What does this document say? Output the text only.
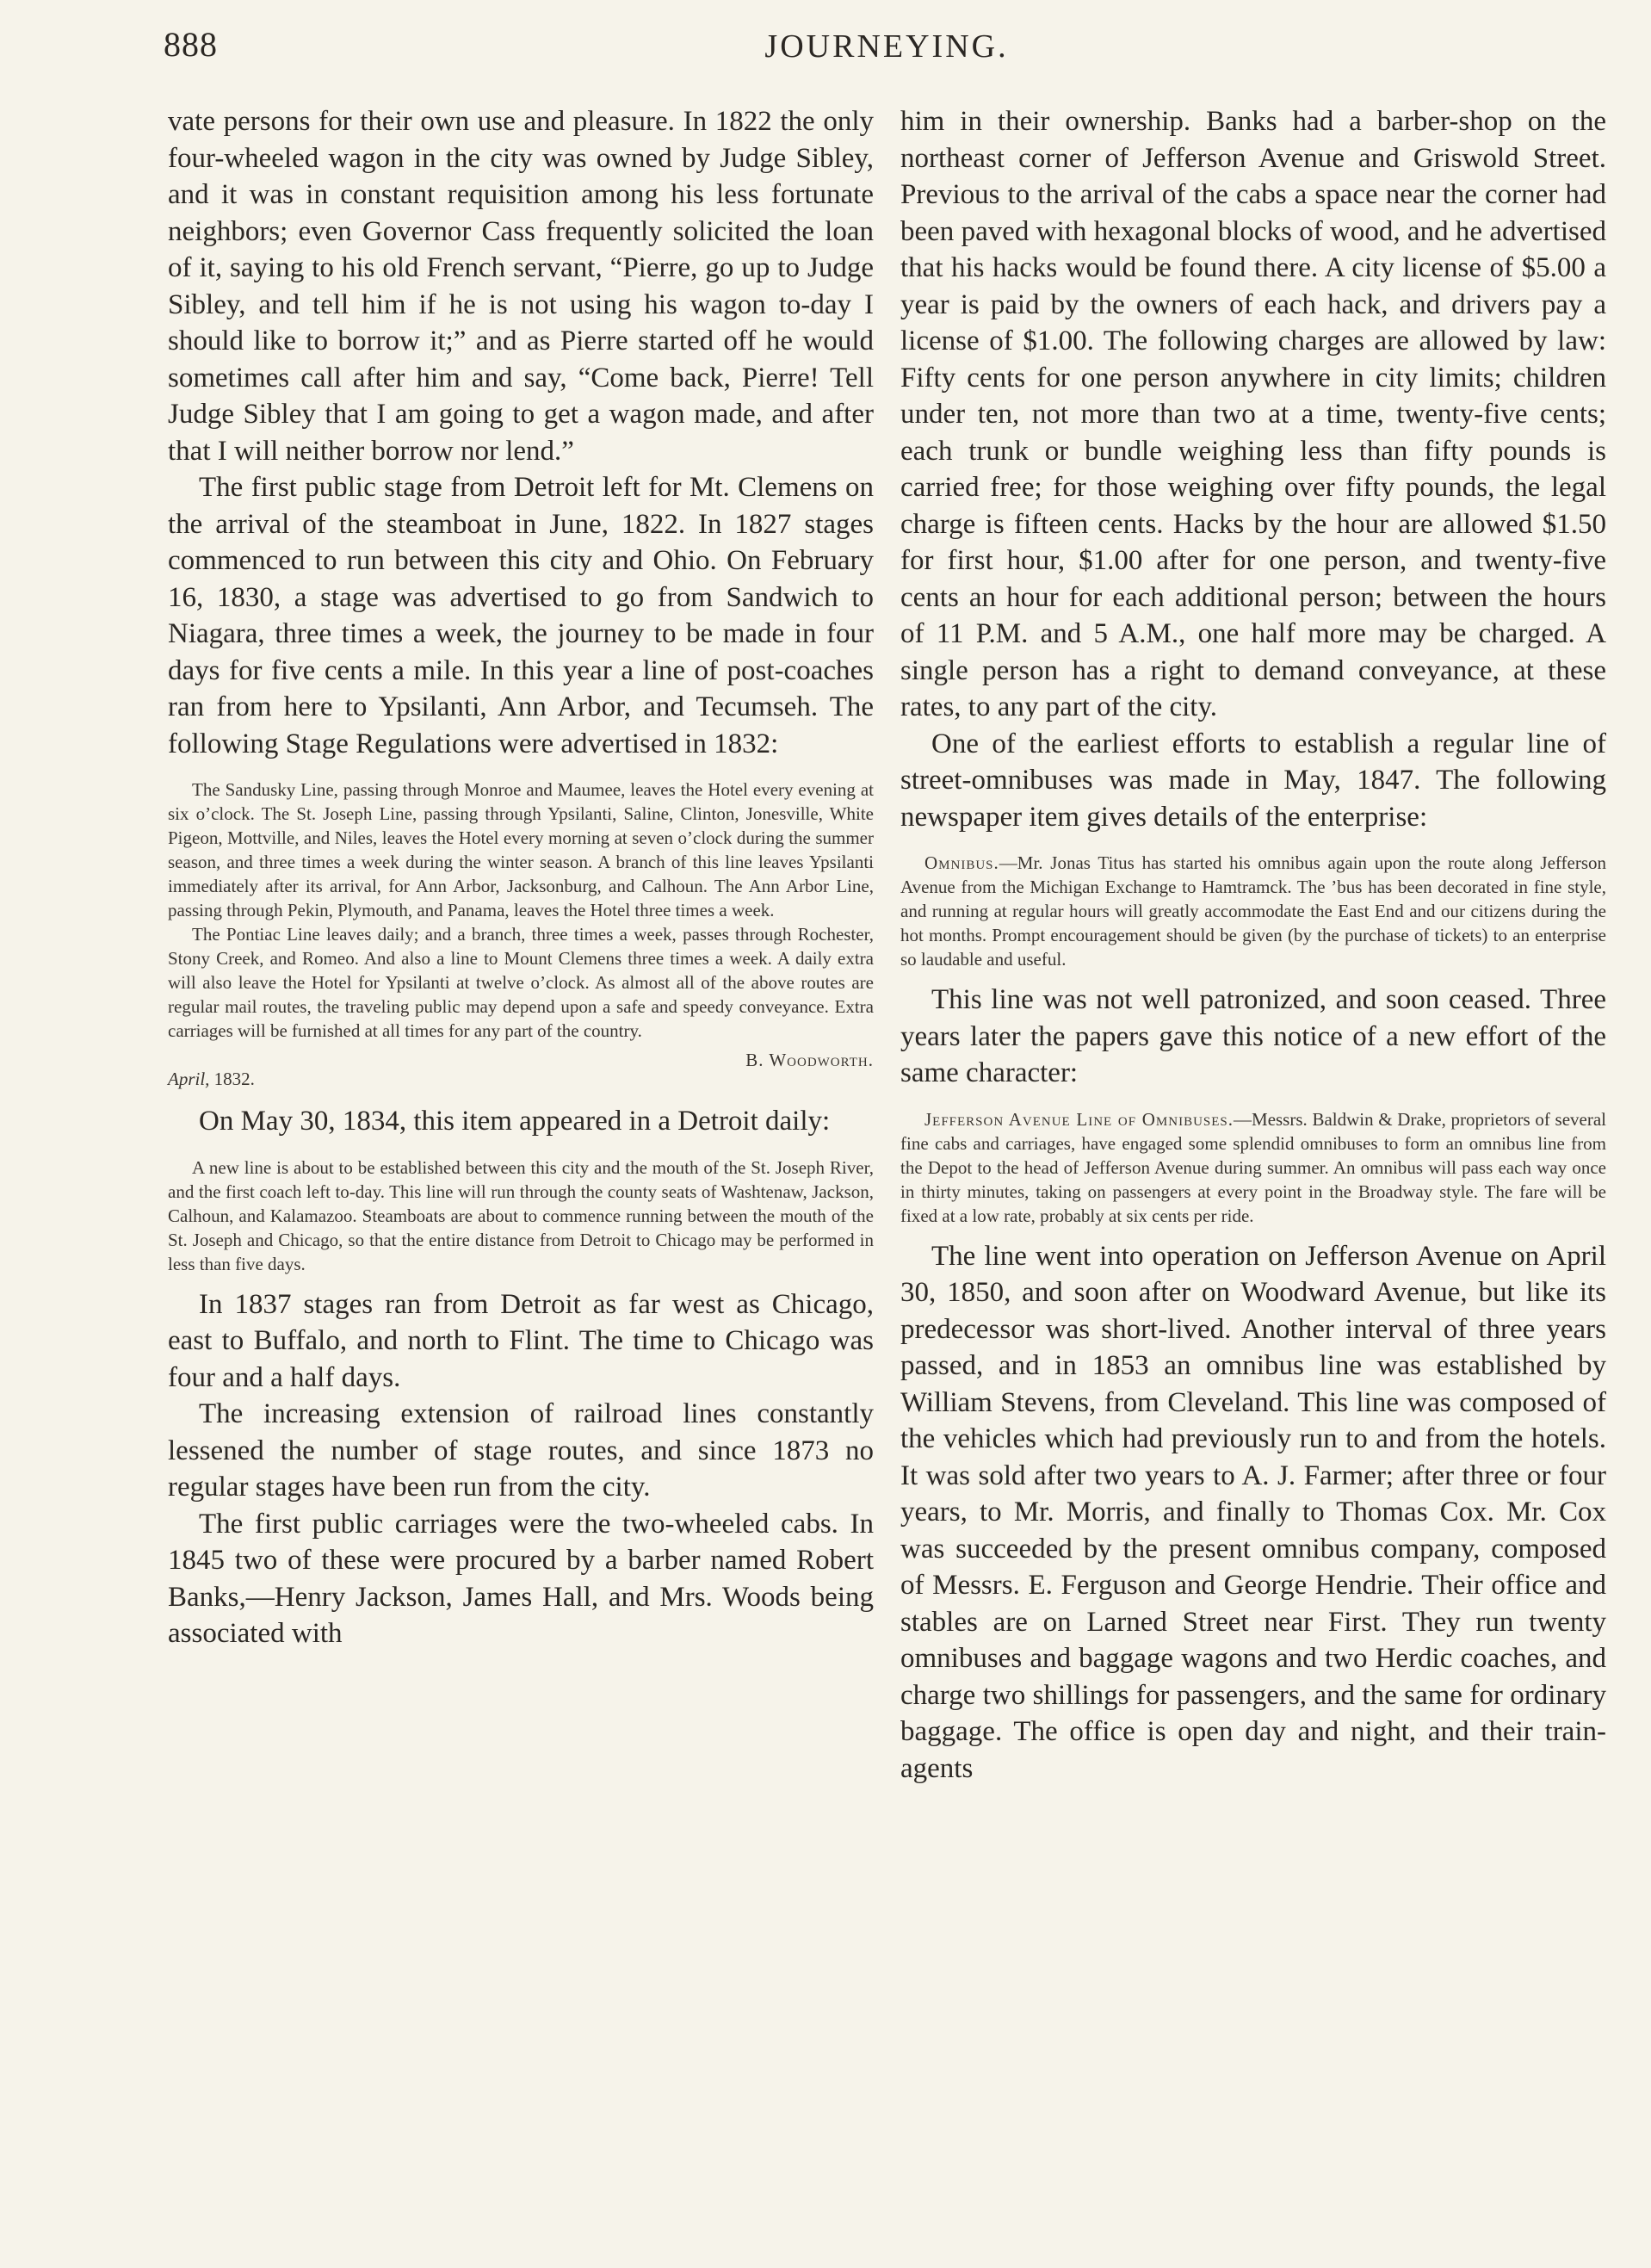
888	JOURNEYING.

vate persons for their own use and pleasure. In 1822 the only four-wheeled wagon in the city was owned by Judge Sibley, and it was in constant requisition among his less fortunate neighbors; even Governor Cass frequently solicited the loan of it, saying to his old French servant, “Pierre, go up to Judge Sibley, and tell him if he is not using his wagon to-day I should like to borrow it;” and as Pierre started off he would sometimes call after him and say, “Come back, Pierre! Tell Judge Sibley that I am going to get a wagon made, and after that I will neither borrow nor lend.”

The first public stage from Detroit left for Mt. Clemens on the arrival of the steamboat in June, 1822. In 1827 stages commenced to run between this city and Ohio. On February 16, 1830, a stage was advertised to go from Sandwich to Niagara, three times a week, the journey to be made in four days for five cents a mile. In this year a line of post-coaches ran from here to Ypsilanti, Ann Arbor, and Tecumseh. The following Stage Regulations were advertised in 1832:

The Sandusky Line, passing through Monroe and Maumee, leaves the Hotel every evening at six o’clock. The St. Joseph Line, passing through Ypsilanti, Saline, Clinton, Jonesville, White Pigeon, Mottville, and Niles, leaves the Hotel every morning at seven o’clock during the summer season, and three times a week during the winter season. A branch of this line leaves Ypsilanti immediately after its arrival, for Ann Arbor, Jacksonburg, and Calhoun. The Ann Arbor Line, passing through Pekin, Plymouth, and Panama, leaves the Hotel three times a week.

The Pontiac Line leaves daily; and a branch, three times a week, passes through Rochester, Stony Creek, and Romeo. And also a line to Mount Clemens three times a week. A daily extra will also leave the Hotel for Ypsilanti at twelve o’clock. As almost all of the above routes are regular mail routes, the traveling public may depend upon a safe and speedy conveyance. Extra carriages will be furnished at all times for any part of the country.

B. Woodworth.
April, 1832.

On May 30, 1834, this item appeared in a Detroit daily:

A new line is about to be established between this city and the mouth of the St. Joseph River, and the first coach left to-day. This line will run through the county seats of Washtenaw, Jackson, Calhoun, and Kalamazoo. Steamboats are about to commence running between the mouth of the St. Joseph and Chicago, so that the entire distance from Detroit to Chicago may be performed in less than five days.

In 1837 stages ran from Detroit as far west as Chicago, east to Buffalo, and north to Flint. The time to Chicago was four and a half days.

The increasing extension of railroad lines constantly lessened the number of stage routes, and since 1873 no regular stages have been run from the city.

The first public carriages were the two-wheeled cabs. In 1845 two of these were procured by a barber named Robert Banks,—Henry Jackson, James Hall, and Mrs. Woods being associated with

him in their ownership. Banks had a barber-shop on the northeast corner of Jefferson Avenue and Griswold Street. Previous to the arrival of the cabs a space near the corner had been paved with hexagonal blocks of wood, and he advertised that his hacks would be found there. A city license of $5.00 a year is paid by the owners of each hack, and drivers pay a license of $1.00. The following charges are allowed by law: Fifty cents for one person anywhere in city limits; children under ten, not more than two at a time, twenty-five cents; each trunk or bundle weighing less than fifty pounds is carried free; for those weighing over fifty pounds, the legal charge is fifteen cents. Hacks by the hour are allowed $1.50 for first hour, $1.00 after for one person, and twenty-five cents an hour for each additional person; between the hours of 11 P.M. and 5 A.M., one half more may be charged. A single person has a right to demand conveyance, at these rates, to any part of the city.

One of the earliest efforts to establish a regular line of street-omnibuses was made in May, 1847. The following newspaper item gives details of the enterprise:

Omnibus.—Mr. Jonas Titus has started his omnibus again upon the route along Jefferson Avenue from the Michigan Exchange to Hamtramck. The ’bus has been decorated in fine style, and running at regular hours will greatly accommodate the East End and our citizens during the hot months. Prompt encouragement should be given (by the purchase of tickets) to an enterprise so laudable and useful.

This line was not well patronized, and soon ceased. Three years later the papers gave this notice of a new effort of the same character:

Jefferson Avenue Line of Omnibuses.—Messrs. Baldwin & Drake, proprietors of several fine cabs and carriages, have engaged some splendid omnibuses to form an omnibus line from the Depot to the head of Jefferson Avenue during summer. An omnibus will pass each way once in thirty minutes, taking on passengers at every point in the Broadway style. The fare will be fixed at a low rate, probably at six cents per ride.

The line went into operation on Jefferson Avenue on April 30, 1850, and soon after on Woodward Avenue, but like its predecessor was short-lived. Another interval of three years passed, and in 1853 an omnibus line was established by William Stevens, from Cleveland. This line was composed of the vehicles which had previously run to and from the hotels. It was sold after two years to A. J. Farmer; after three or four years, to Mr. Morris, and finally to Thomas Cox. Mr. Cox was succeeded by the present omnibus company, composed of Messrs. E. Ferguson and George Hendrie. Their office and stables are on Larned Street near First. They run twenty omnibuses and baggage wagons and two Herdic coaches, and charge two shillings for passengers, and the same for ordinary baggage. The office is open day and night, and their train-agents
